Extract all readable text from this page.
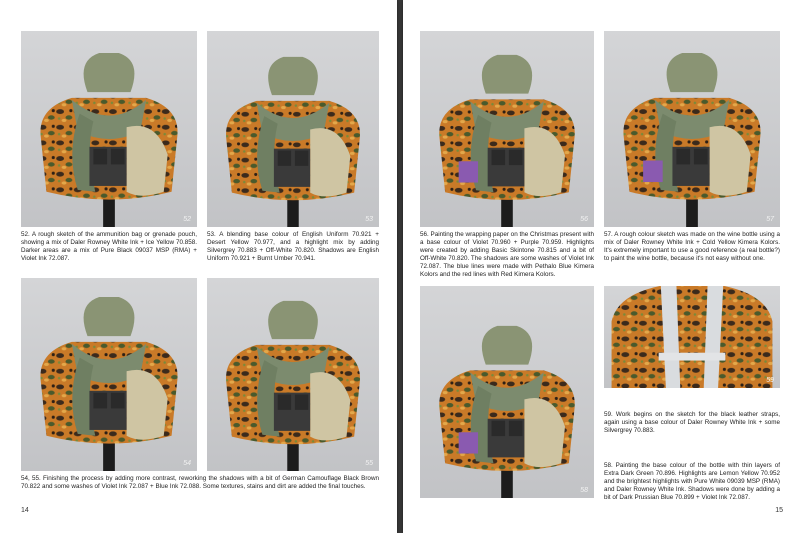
52	53
52. A rough sketch of the ammunition bag or grenade pouch, showing a mix of Daler Rowney White Ink + Ice Yellow 70.858. Darker areas are a mix of Pure Black 09037 MSP (RMA) + Violet Ink 72.087.
53. A blending base colour of English Uniform 70.921 + Desert Yellow 70.977, and a highlight mix by adding Silvergrey 70.883 + Off-White 70.820. Shadows are English Uniform 70.921 + Burnt Umber 70.941.
54	55
54, 55. Finishing the process by adding more contrast, reworking the shadows with a bit of German Camouflage Black Brown 70.822 and some washes of Violet Ink 72.087 + Blue Ink 72.088. Some textures, stains and dirt are added the final touches.
14
56	57
56. Painting the wrapping paper on the Christmas present with a base colour of Violet 70.960 + Purple 70.959. Highlights were created by adding Basic Skintone 70.815 and a bit of Off-White 70.820. The shadows are some washes of Violet Ink 72.087. The blue lines were made with Pethalo Blue Kimera Kolors and the red lines with Red Kimera Kolors.
57. A rough colour sketch was made on the wine bottle using a mix of Daler Rowney White Ink + Cold Yellow Kimera Kolors. It's extremely important to use a good reference (a real bottle?) to paint the wine bottle, because it's not easy without one.
58
59
59. Work begins on the sketch for the black leather straps, again using a base colour of Daler Rowney White Ink + some Silvergrey 70.883.
58. Painting the base colour of the bottle with thin layers of Extra Dark Green 70.896. Highlights are Lemon Yellow 70.952 and the brightest highlights with Pure White 09039 MSP (RMA) and Daler Rowney White Ink. Shadows were done by adding a bit of Dark Prussian Blue 70.899 + Violet Ink 72.087.
15
